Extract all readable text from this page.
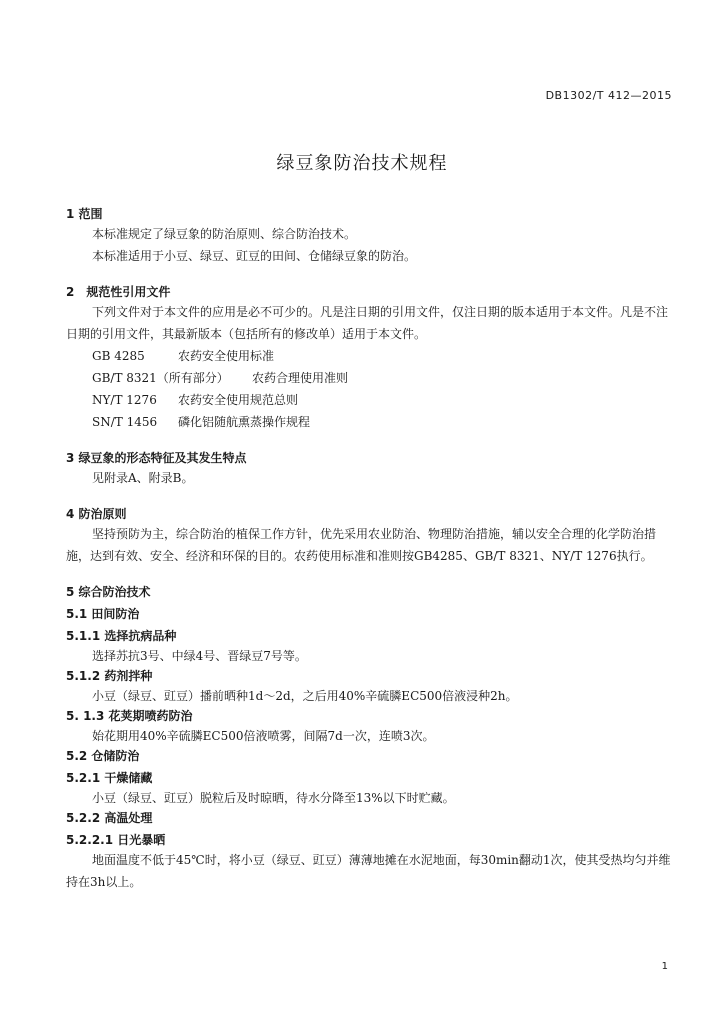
DB1302/T 412—2015
绿豆象防治技术规程

1 范围

本标准规定了绿豆象的防治原则、综合防治技术。

本标准适用于小豆、绿豆、豇豆的田间、仓储绿豆象的防治。

2　规范性引用文件

下列文件对于本文件的应用是必不可少的。凡是注日期的引用文件，仅注日期的版本适用于本文件。凡是不注日期的引用文件，其最新版本（包括所有的修改单）适用于本文件。

GB 4285	农药安全使用标准
GB/T 8321（所有部分）	农药合理使用准则
NY/T 1276	农药安全使用规范总则
SN/T 1456	磷化铝随航熏蒸操作规程

3 绿豆象的形态特征及其发生特点

见附录A、附录B。

4 防治原则

坚持预防为主，综合防治的植保工作方针，优先采用农业防治、物理防治措施，辅以安全合理的化学防治措施，达到有效、安全、经济和环保的目的。农药使用标准和准则按GB4285、GB/T 8321、NY/T 1276执行。

5 综合防治技术

5.1 田间防治

5.1.1 选择抗病品种

选择苏抗3号、中绿4号、晋绿豆7号等。

5.1.2 药剂拌种

小豆（绿豆、豇豆）播前晒种1d～2d，之后用40%辛硫膦EC500倍液浸种2h。

5. 1.3 花荚期喷药防治

始花期用40%辛硫膦EC500倍液喷雾，间隔7d一次，连喷3次。

5.2 仓储防治

5.2.1 干燥储藏

小豆（绿豆、豇豆）脱粒后及时晾晒，待水分降至13%以下时贮藏。

5.2.2 高温处理

5.2.2.1 日光暴晒

地面温度不低于45℃时，将小豆（绿豆、豇豆）薄薄地摊在水泥地面，每30min翻动1次，使其受热均匀并维持在3h以上。

1
